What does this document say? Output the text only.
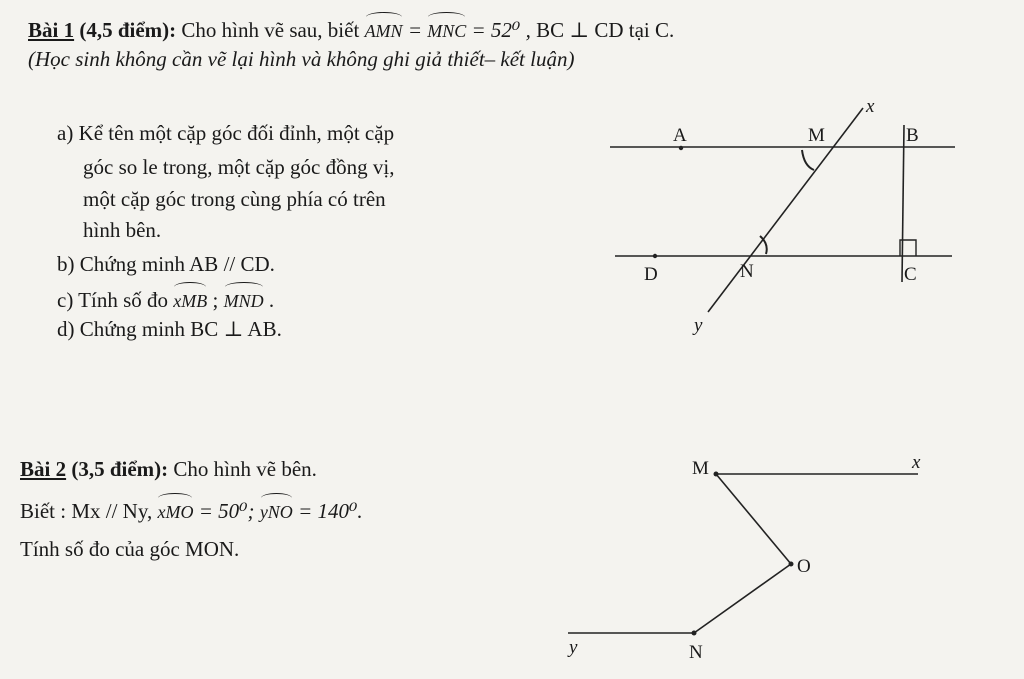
Bài 1 (4,5 điểm): Cho hình vẽ sau, biết AMN = MNC = 52⁰ , BC ⊥ CD tại C.
(Học sinh không cần vẽ lại hình và không ghi giả thiết– kết luận)
a) Kể tên một cặp góc đối đỉnh, một cặp
góc so le trong, một cặp góc đồng vị,
một cặp góc trong cùng phía có trên
hình bên.
b) Chứng minh AB // CD.
c) Tính số đo xMB ; MND .
d) Chứng minh BC ⊥ AB.
x
A	M	B
D	N	C
y
Bài 2 (3,5 điểm): Cho hình vẽ bên.
Biết : Mx // Ny, xMO = 50⁰; yNO = 140⁰.
Tính số đo của góc MON.
M	x
O
y	N
